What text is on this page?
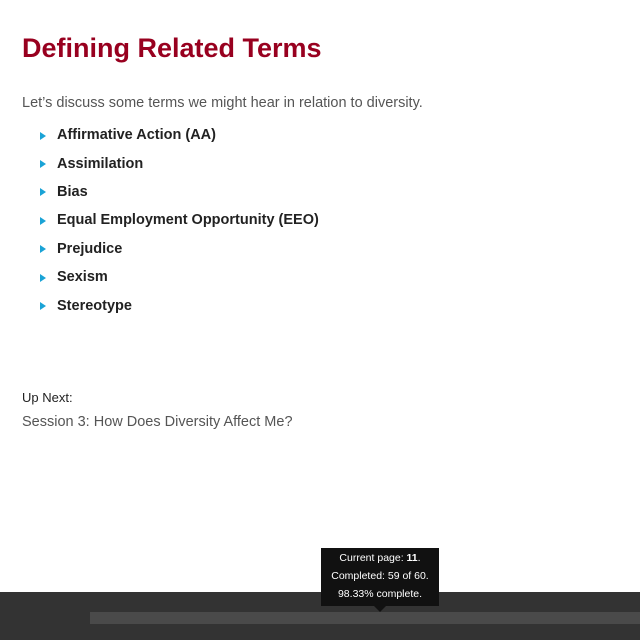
Defining Related Terms

Let’s discuss some terms we might hear in relation to diversity.

Affirmative Action (AA)
Assimilation
Bias
Equal Employment Opportunity (EEO)
Prejudice
Sexism
Stereotype

Up Next:

Session 3: How Does Diversity Affect Me?
Current page: 11.
Completed: 59 of 60.
98.33% complete.
